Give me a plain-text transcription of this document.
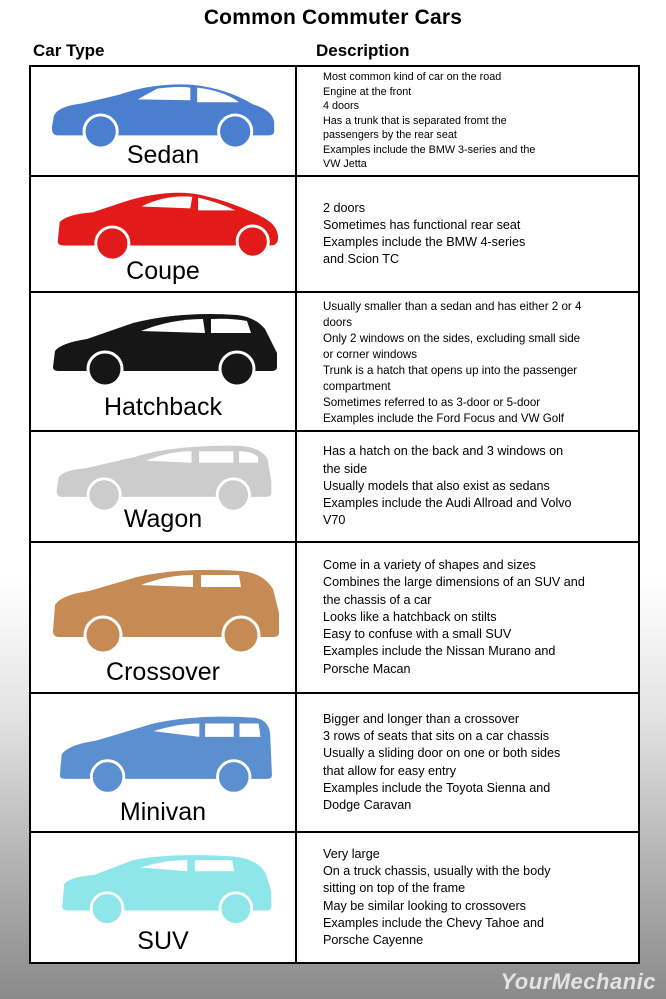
Common Commuter Cars
Car Type	Description
Sedan
Most common kind of car on the road
Engine at the front
4 doors
Has a trunk that is separated fromt the
passengers by the rear seat
Examples include the BMW 3-series and the
VW Jetta
Coupe
2 doors
Sometimes has functional rear seat
Examples include the BMW 4-series
and Scion TC
Hatchback
Usually smaller than a sedan and has either 2 or 4
doors
Only 2 windows on the sides, excluding small side
or corner windows
Trunk is a hatch that opens up into the passenger
compartment
Sometimes referred to as 3-door or 5-door
Examples include the Ford Focus and VW Golf
Wagon
Has a hatch on the back and 3 windows on
the side
Usually models that also exist as sedans
Examples include the Audi Allroad and Volvo
V70
Crossover
Come in a variety of shapes and sizes
Combines the large dimensions of an SUV and
the chassis of a car
Looks like a hatchback on stilts
Easy to confuse with a small SUV
Examples include the Nissan Murano and
Porsche Macan
Minivan
Bigger and longer than a crossover
3 rows of seats that sits on a car chassis
Usually a sliding door on one or both sides
that allow for easy entry
Examples include the Toyota Sienna and
Dodge Caravan
SUV
Very large
On a truck chassis, usually with the body
sitting on top of the frame
May be similar looking to crossovers
Examples include the Chevy Tahoe and
Porsche Cayenne
YourMechanic
